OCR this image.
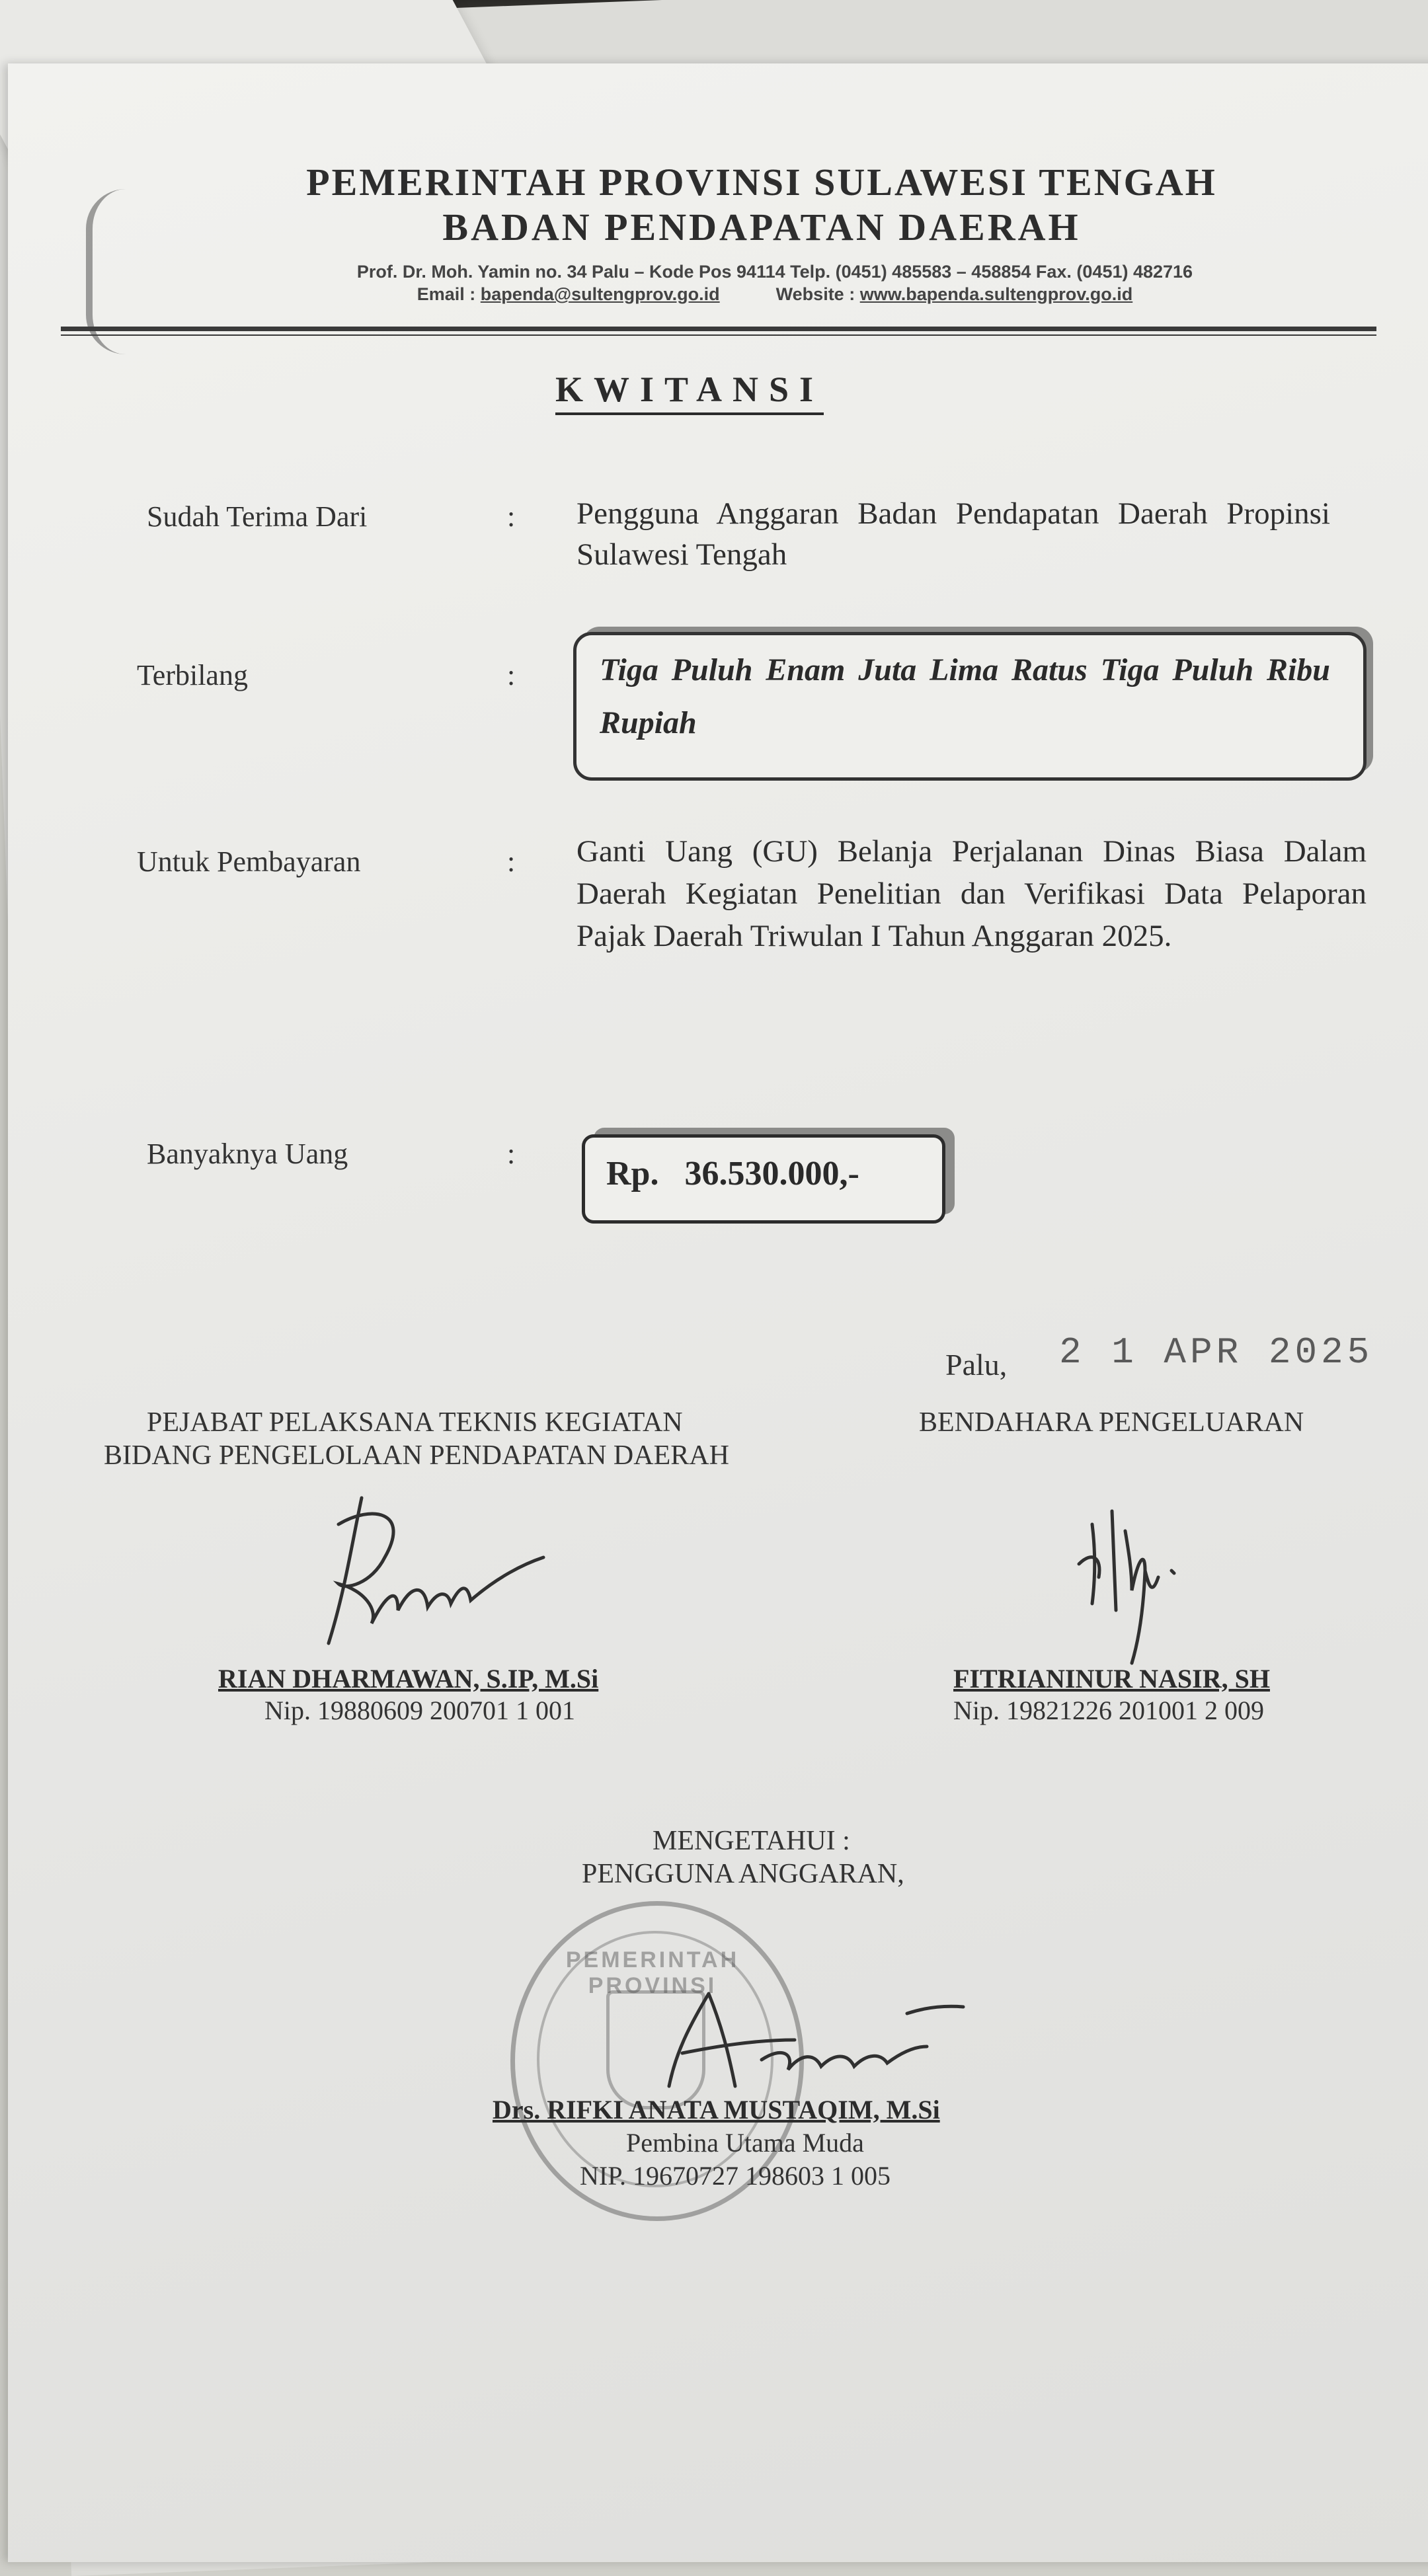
PEMERINTAH PROVINSI SULAWESI TENGAH
BADAN PENDAPATAN DAERAH
Prof. Dr. Moh. Yamin no. 34 Palu – Kode Pos 94114 Telp. (0451) 485583 – 458854 Fax. (0451) 482716
Email : bapenda@sultengprov.go.id	Website : www.bapenda.sultengprov.go.id
KWITANSI
Sudah Terima Dari	: Pengguna Anggaran Badan Pendapatan Daerah Propinsi Sulawesi Tengah
Terbilang	:	Tiga Puluh Enam Juta Lima Ratus Tiga Puluh Ribu Rupiah
Untuk Pembayaran	: Ganti Uang (GU) Belanja Perjalanan Dinas Biasa Dalam Daerah Kegiatan Penelitian dan Verifikasi Data Pelaporan Pajak Daerah Triwulan I Tahun Anggaran 2025.
Banyaknya Uang	:
Rp.   36.530.000,-
Palu, 2 1 APR 2025
PEJABAT PELAKSANA TEKNIS KEGIATAN
BIDANG PENGELOLAAN PENDAPATAN DAERAH
RIAN DHARMAWAN, S.IP, M.Si
Nip. 19880609 200701 1 001
BENDAHARA PENGELUARAN
FITRIANINUR NASIR, SH
Nip. 19821226 201001 2 009
PEMERINTAH PROVINSI
MENGETAHUI :
PENGGUNA ANGGARAN,
Drs. RIFKI ANATA MUSTAQIM, M.Si
Pembina Utama Muda
NIP. 19670727 198603 1 005
